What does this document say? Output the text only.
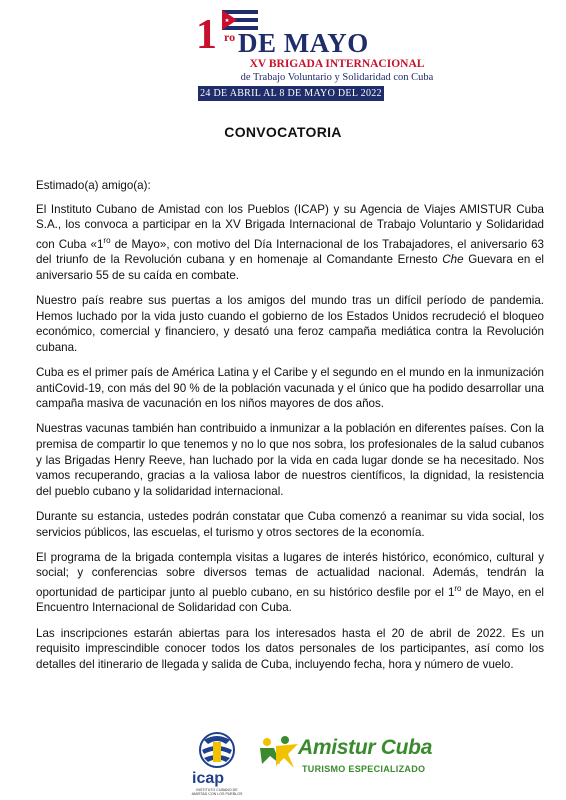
1 ro DE MAYO
XV BRIGADA INTERNACIONAL
de Trabajo Voluntario y Solidaridad con Cuba
24 DE ABRIL AL 8 DE MAYO DEL 2022
CONVOCATORIA

Estimado(a) amigo(a):

El Instituto Cubano de Amistad con los Pueblos (ICAP) y su Agencia de Viajes AMISTUR Cuba S.A., los convoca a participar en la XV Brigada Internacional de Trabajo Voluntario y Solidaridad con Cuba «$1^{ro}$ de Mayo», con motivo del Día Internacional de los Trabajadores, el aniversario 63 del triunfo de la Revolución cubana y en homenaje al Comandante Ernesto Che Guevara en el aniversario 55 de su caída en combate.

Nuestro país reabre sus puertas a los amigos del mundo tras un difícil período de pandemia. Hemos luchado por la vida justo cuando el gobierno de los Estados Unidos recrudeció el bloqueo económico, comercial y financiero, y desató una feroz campaña mediática contra la Revolución cubana.

Cuba es el primer país de América Latina y el Caribe y el segundo en el mundo en la inmunización antiCovid-19, con más del 90 % de la población vacunada y el único que ha podido desarrollar una campaña masiva de vacunación en los niños mayores de dos años.

Nuestras vacunas también han contribuido a inmunizar a la población en diferentes países. Con la premisa de compartir lo que tenemos y no lo que nos sobra, los profesionales de la salud cubanos y las Brigadas Henry Reeve, han luchado por la vida en cada lugar donde se ha necesitado. Nos vamos recuperando, gracias a la valiosa labor de nuestros científicos, la dignidad, la resistencia del pueblo cubano y la solidaridad internacional.

Durante su estancia, ustedes podrán constatar que Cuba comenzó a reanimar su vida social, los servicios públicos, las escuelas, el turismo y otros sectores de la economía.

El programa de la brigada contempla visitas a lugares de interés histórico, económico, cultural y social; y conferencias sobre diversos temas de actualidad nacional. Además, tendrán la oportunidad de participar junto al pueblo cubano, en su histórico desfile por el $1^{ro}$ de Mayo, en el Encuentro Internacional de Solidaridad con Cuba.

Las inscripciones estarán abiertas para los interesados hasta el 20 de abril de 2022. Es un requisito imprescindible conocer todos los datos personales de los participantes, así como los detalles del itinerario de llegada y salida de Cuba, incluyendo fecha, hora y número de vuelo.

icap
INSTITUTO CUBANO DE AMISTAD CON LOS PUEBLOS
Amistur Cuba
TURISMO ESPECIALIZADO
